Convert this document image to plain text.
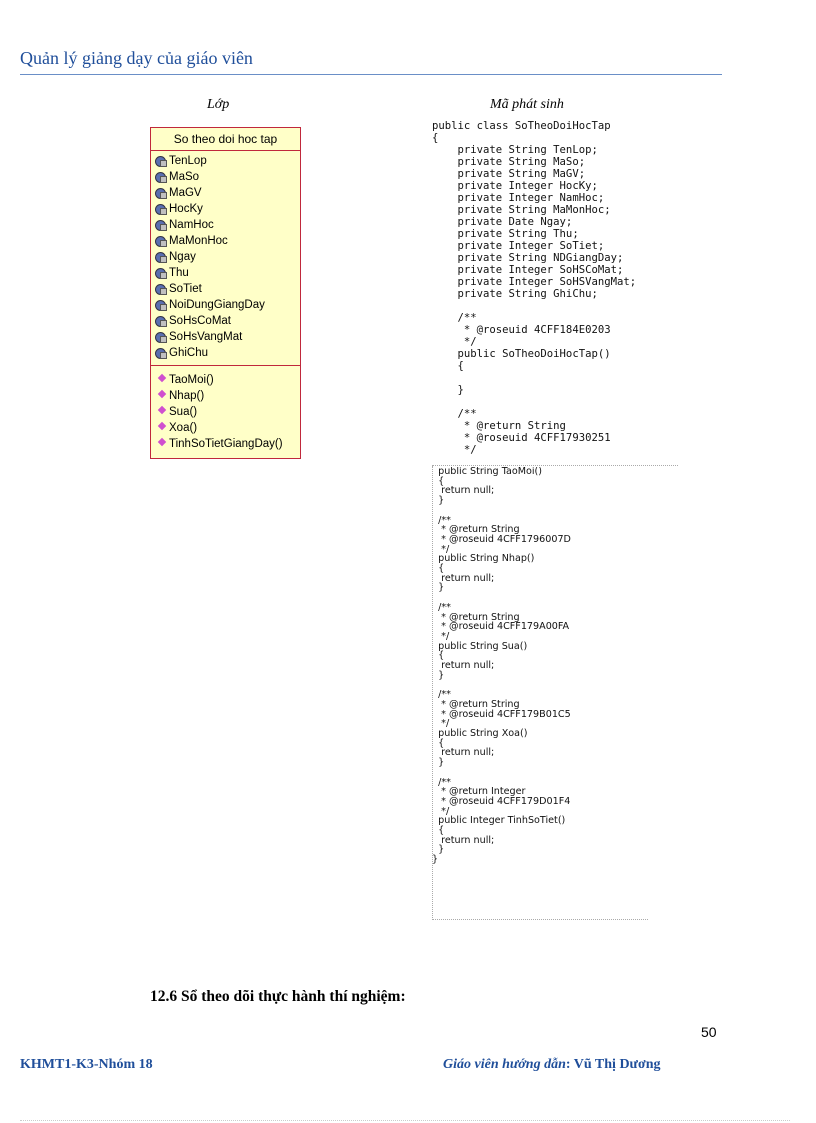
Quản lý giảng dạy của giáo viên
Lớp	Mã phát sinh
So theo doi hoc tap
TenLop
MaSo
MaGV
HocKy
NamHoc
MaMonHoc
Ngay
Thu
SoTiet
NoiDungGiangDay
SoHsCoMat
SoHsVangMat
GhiChu
TaoMoi()
Nhap()
Sua()
Xoa()
TinhSoTietGiangDay()
public class SoTheoDoiHocTap
{
private String TenLop;
private String MaSo;
private String MaGV;
private Integer HocKy;
private Integer NamHoc;
private String MaMonHoc;
private Date Ngay;
private String Thu;
private Integer SoTiet;
private String NDGiangDay;
private Integer SoHSCoMat;
private Integer SoHSVangMat;
private String GhiChu;

/**
* @roseuid 4CFF184E0203
*/
public SoTheoDoiHocTap()
{

}

/**
* @return String
* @roseuid 4CFF17930251
*/
public String TaoMoi()
{
return null;
}

/**
* @return String
* @roseuid 4CFF1796007D
*/
public String Nhap()
{
return null;
}

/**
* @return String
* @roseuid 4CFF179A00FA
*/
public String Sua()
{
return null;
}

/**
* @return String
* @roseuid 4CFF179B01C5
*/
public String Xoa()
{
return null;
}

/**
* @return Integer
* @roseuid 4CFF179D01F4
*/
public Integer TinhSoTiet()
{
return null;
}
}
12.6 Sổ theo dõi thực hành thí nghiệm:
50
KHMT1-K3-Nhóm 18	Giáo viên hướng dẫn: Vũ Thị Dương
